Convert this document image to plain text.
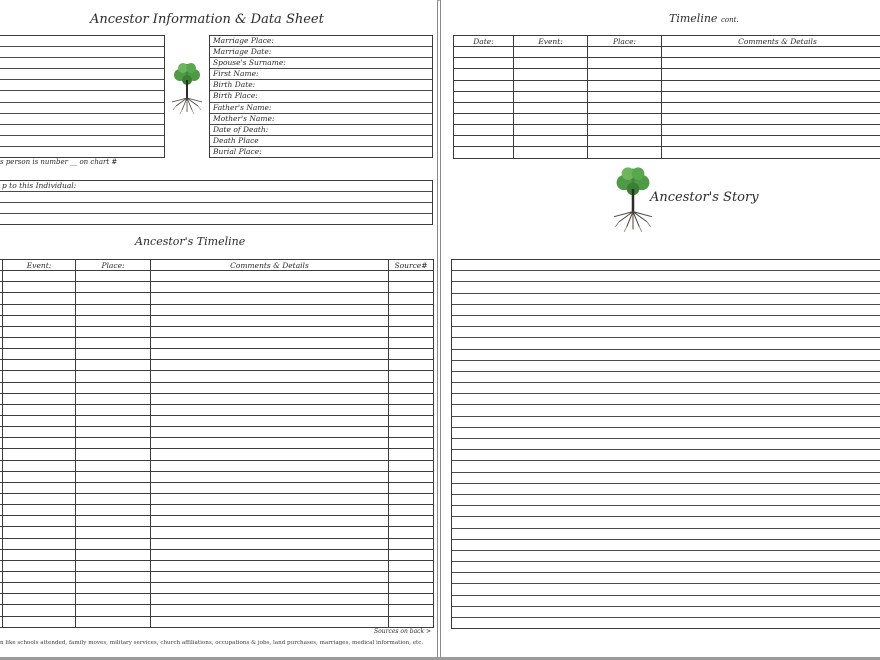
Ancestor Information & Data Sheet
Marriage Place:
Marriage Date:
Spouse's Surname:
First Name:
Birth Date:
Birth Place:
Father's Name:
Mother's Name:
Date of Death:
Death Place
Burial Place:
s person is number __ on chart #
p to this Individual:
Ancestor's Timeline
	Event:	Place:	Comments & Details	Source#

Sources on back >
n like schools attended, family moves, military services, church affiliations, occupations & jobs, land purchases, marriages, medical information, etc.
Timeline cont.
Date:	Event:	Place:	Comments & Details

Ancestor's Story
